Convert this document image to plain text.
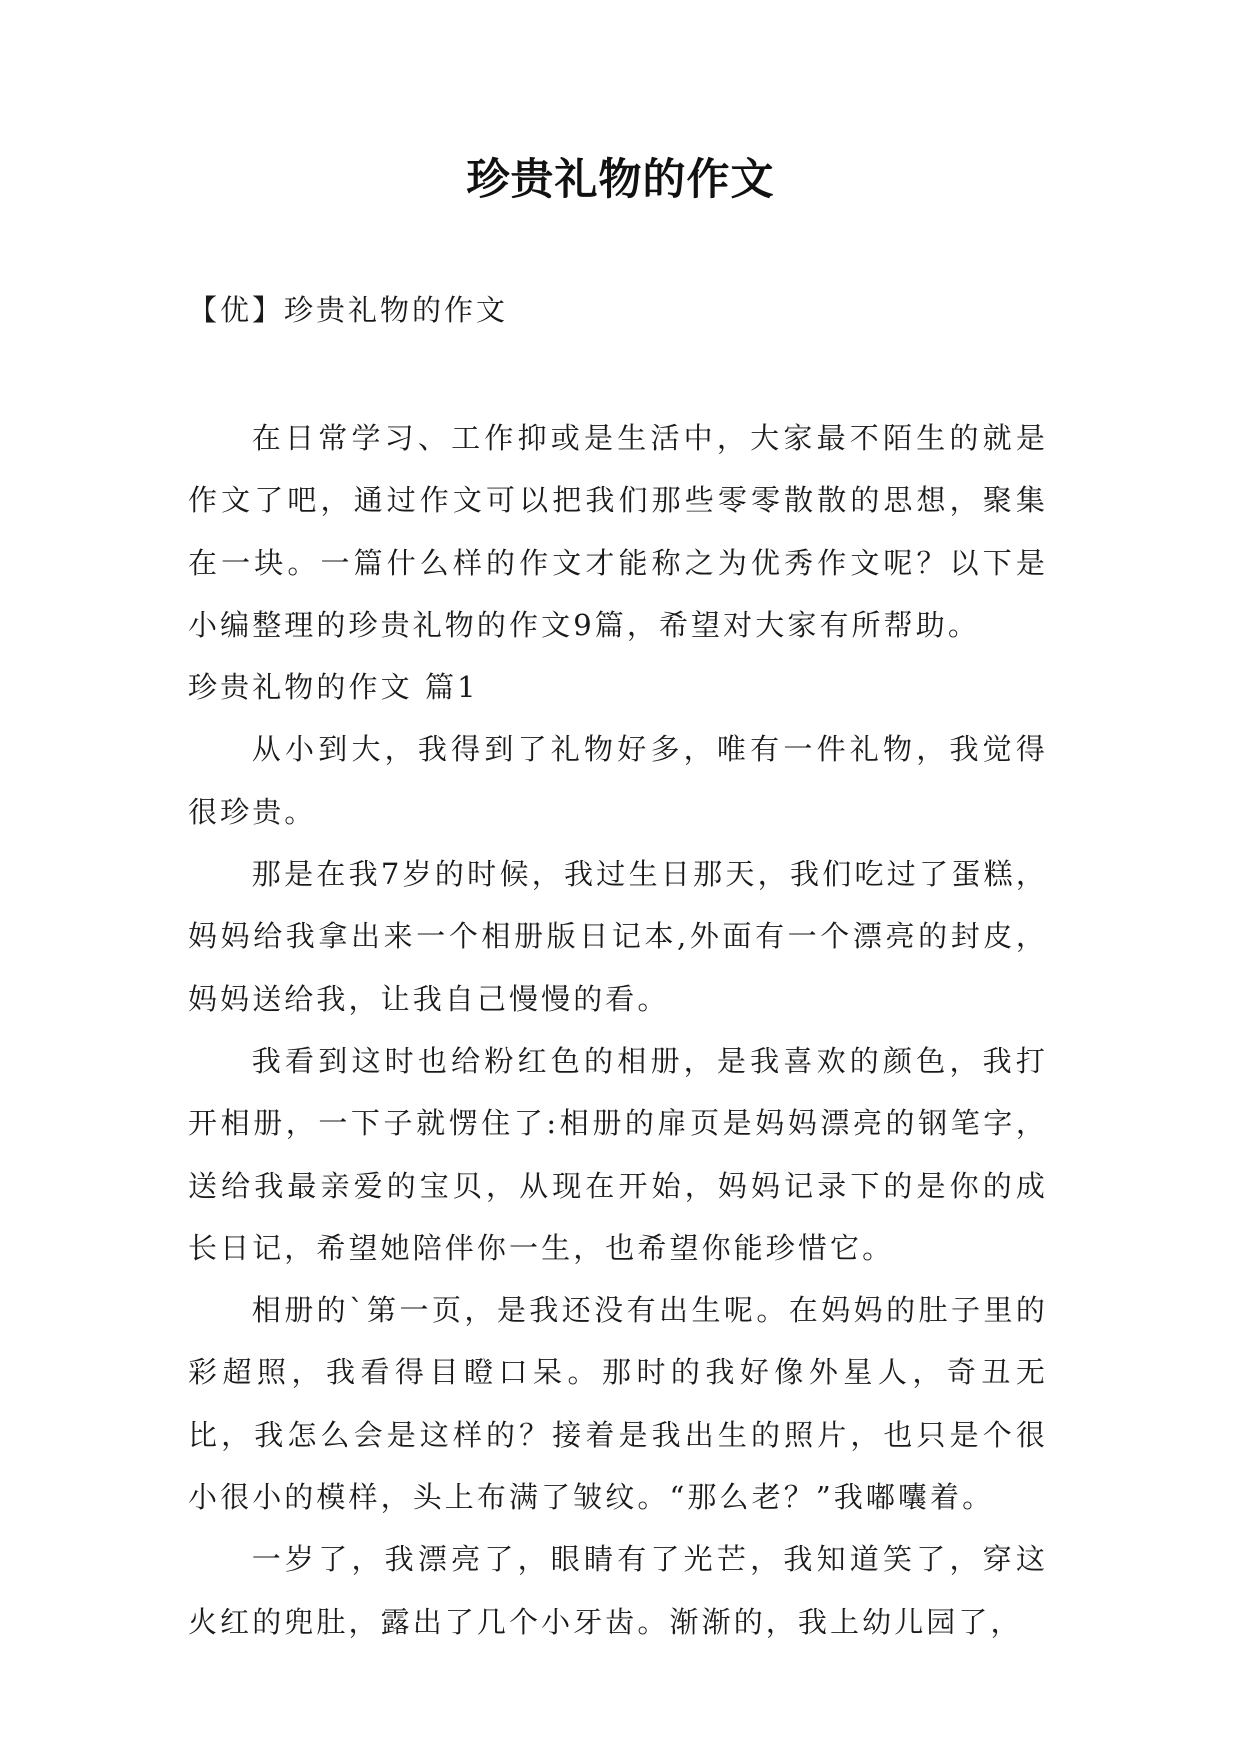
珍贵礼物的作文
【优】珍贵礼物的作文

在日常学习、工作抑或是生活中，大家最不陌生的就是作文了吧，通过作文可以把我们那些零零散散的思想，聚集在一块。一篇什么样的作文才能称之为优秀作文呢？以下是小编整理的珍贵礼物的作文9篇，希望对大家有所帮助。

珍贵礼物的作文 篇1

从小到大，我得到了礼物好多，唯有一件礼物，我觉得很珍贵。

那是在我7岁的时候，我过生日那天，我们吃过了蛋糕，妈妈给我拿出来一个相册版日记本,外面有一个漂亮的封皮，妈妈送给我，让我自己慢慢的看。

我看到这时也给粉红色的相册，是我喜欢的颜色，我打开相册，一下子就愣住了:相册的扉页是妈妈漂亮的钢笔字，送给我最亲爱的宝贝，从现在开始，妈妈记录下的是你的成长日记，希望她陪伴你一生，也希望你能珍惜它。

相册的`第一页，是我还没有出生呢。在妈妈的肚子里的彩超照，我看得目瞪口呆。那时的我好像外星人，奇丑无比，我怎么会是这样的？接着是我出生的照片，也只是个很小很小的模样，头上布满了皱纹。“那么老？”我嘟囔着。

一岁了，我漂亮了，眼睛有了光芒，我知道笑了，穿这火红的兜肚，露出了几个小牙齿。渐渐的，我上幼儿园了，
